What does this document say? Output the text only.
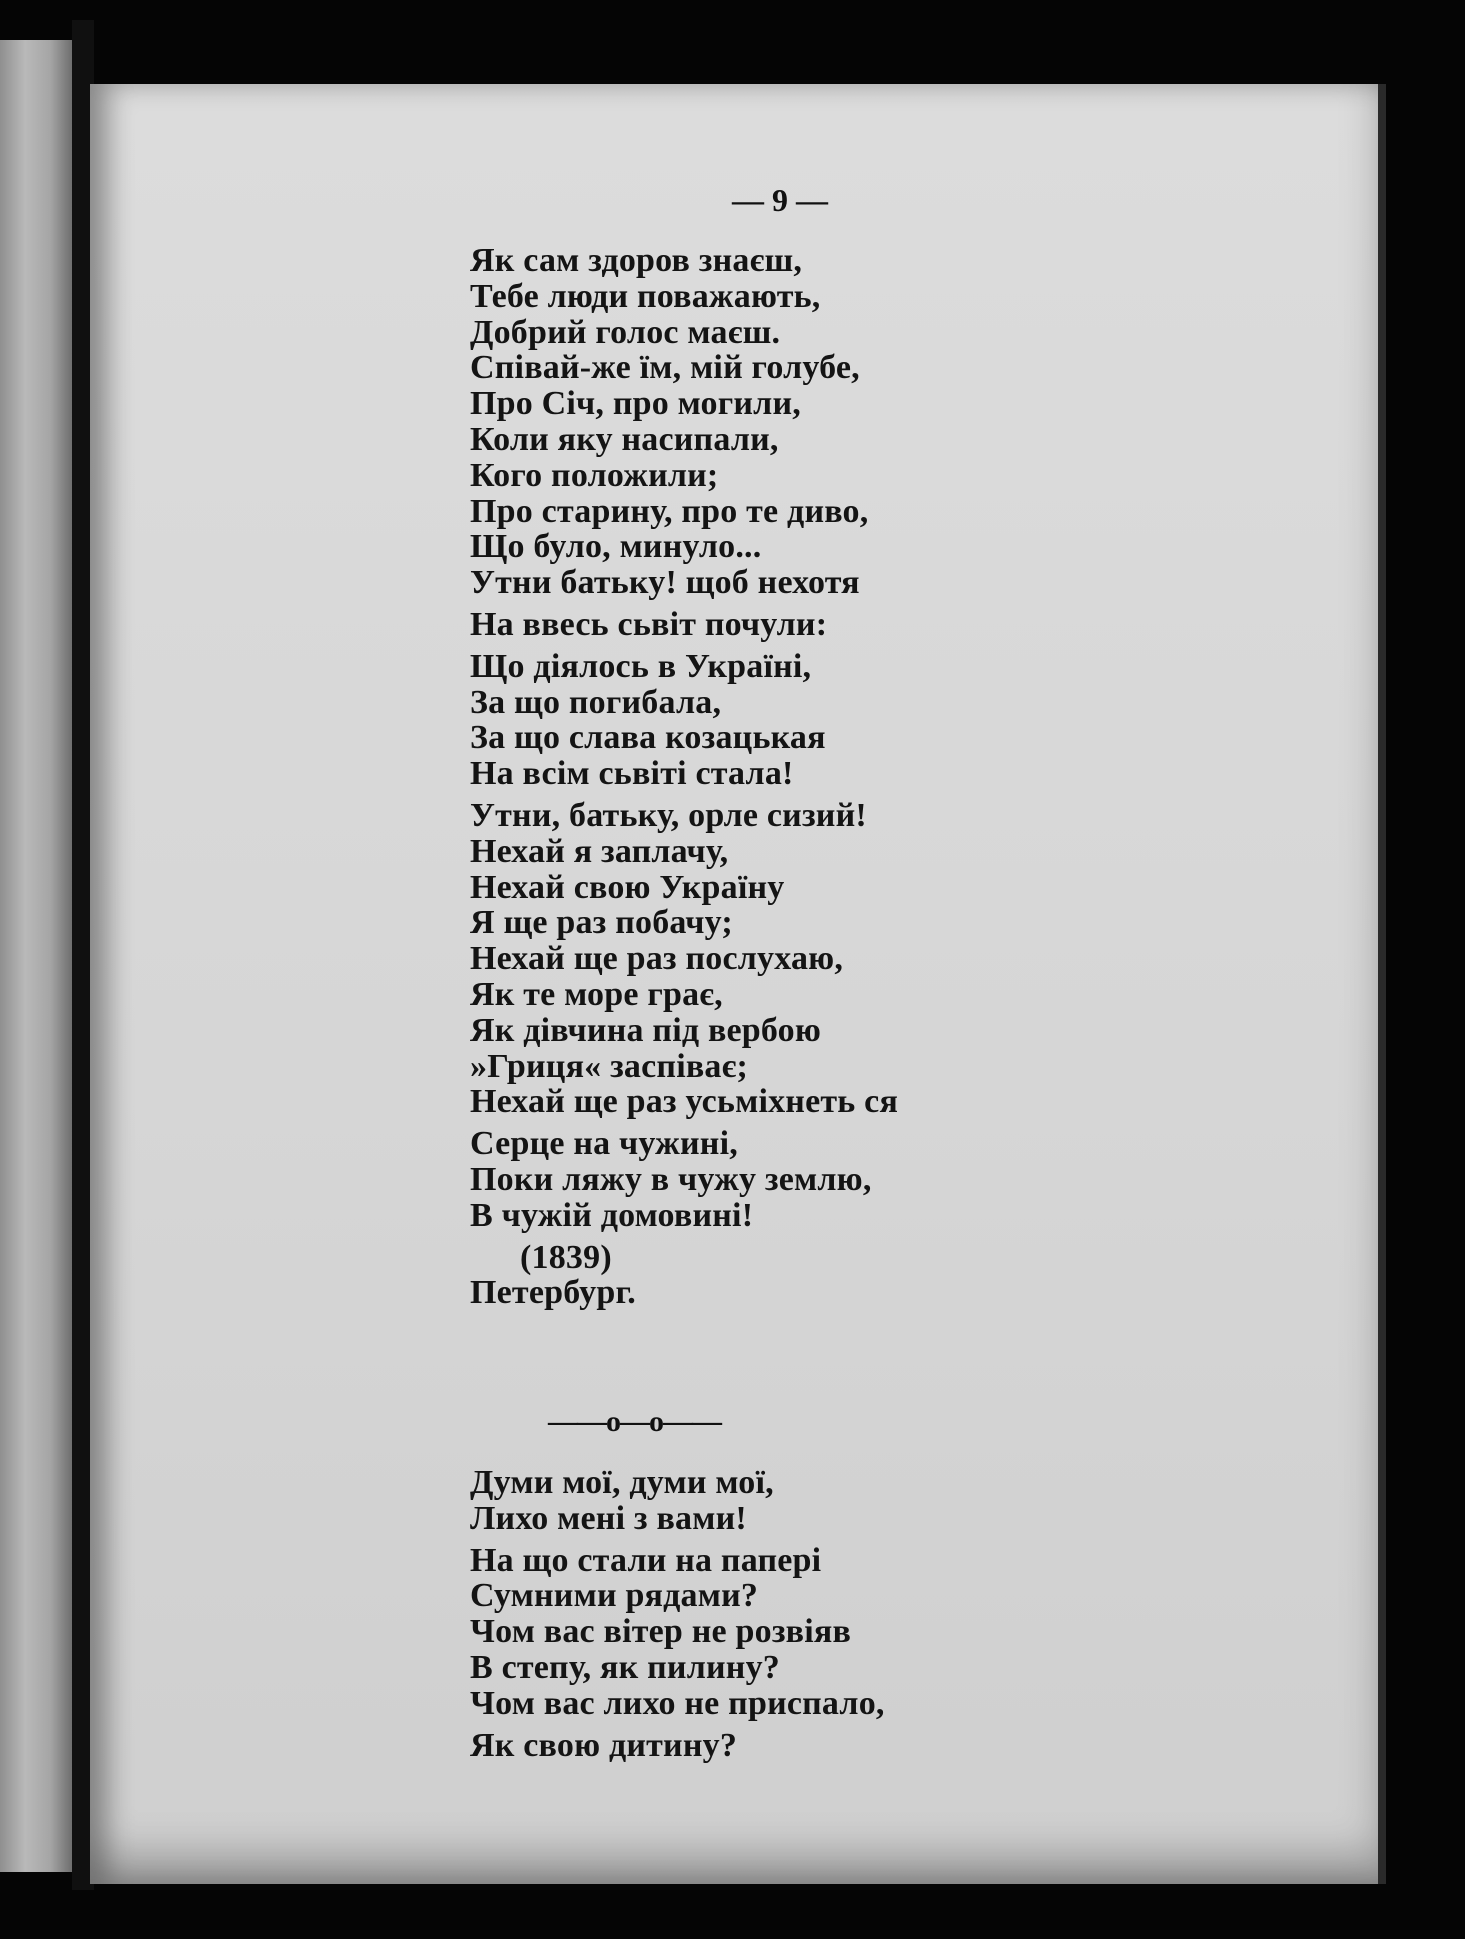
— 9 —
Як сам здоров знаєш,
Тебе люди поважають,
Добрий голос маєш.
Співай-же їм, мій голубе,
Про Січ, про могили,
Коли яку насипали,
Кого положили;
Про старину, про те диво,
Що було, минуло...
Утни батьку! щоб нехотя
На ввесь сьвіт почули:
Що діялось в Україні,
За що погибала,
За що слава козацькая
На всім сьвіті стала!
Утни, батьку, орле сизий!
Нехай я заплачу,
Нехай свою Україну
Я ще раз побачу;
Нехай ще раз послухаю,
Як те море грає,
Як дівчина під вербою
»Гриця« заспіває;
Нехай ще раз усьміхнеть ся
Серце на чужині,
Поки ляжу в чужу землю,
В чужій домовині!
(1839)
Петербург.
——о—о——
Думи мої, думи мої,
Лихо мені з вами!
На що стали на папері
Сумними рядами?
Чом вас вітер не розвіяв
В степу, як пилину?
Чом вас лихо не приспало,
Як свою дитину?
